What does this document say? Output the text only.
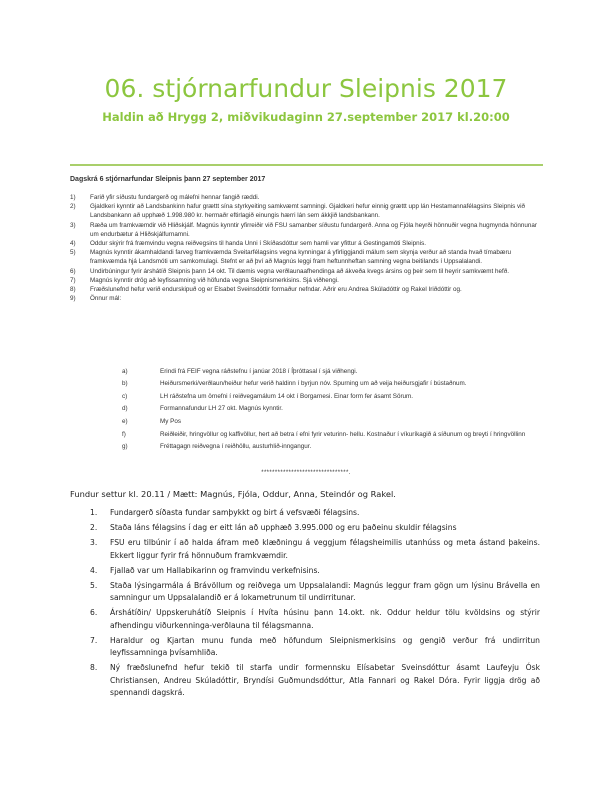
06. stjórnarfundur Sleipnis 2017
Haldin að Hrygg 2, miðvikudaginn 27.september 2017 kl.20:00
Dagskrá 6 stjórnarfundar Sleipnis þann 27 september 2017
1)	Farið yfir síðustu fundargerð og málefni hennar fangið ræddi.
2)	Gjaldkeri kynntir að Landsbankinn hafur grættt sína styrkyeiting samkvæmt samningi. Gjaldkeri hefur einnig grættt upp lán Hestamannafélagsins Sleipnis við Landsbankann að upphæð 1.998.980 kr. hermaðr eftirlagið einungis hærri lán sem ákkjið landsbankann.
3)	Ræða um framkvæmdir við Hliðskjálf. Magnús kynntir yfirreiðir við FSU samanber síðustu fundargerð. Anna og Fjóla heyrði hönnuðir vegna hugmynda hönnunar um endurbætur á Hliðskjálfurnamni.
4)	Oddur skýrir frá fræmvindu vegna reiðvegsins til handa Unni í Skíðasdóttur sem hamli var yfittur á Gestingamóti Sleipnis.
5)	Magnús kynntir ákamhaldandi farveg framkvæmda Sveitarfélagsins vegna kynningar á yfirliggjandi málum sem skynja verður að standa hvað tímabæru framkvæmda hjá Landsmóti um samkomulagi. Stefnt er að því að Magnús leggi fram heftunnheftan samning vegna beitilands í Uppsalalandi.
6)	Undirbúningur fyrir árshátíð Sleipnis þann 14 okt. Til dæmis vegna verðlaunaafhendinga að ákveða kvegs ársins og þeir sem til heyrir samkvæmt hefð.
7)	Magnús kynntir drög að leyfissamning við höfunda vegna Sleipnismerkisins. Sjá viðhengi.
8)	Fræðslunefnd hefur verið endurskipuð og er Elsabet Sveinsdóttir formaður nefndar. Aðrir eru Andrea Skúladóttir og Rakel Iriðdóttir og.
9)	Önnur mál:
a)	Erindi frá FEIF vegna ráðstefnu í janúar 2018 í Íþróttasal í sjá viðhengi.
b)	Heiðursmerki/verðlaun/heiður hefur verið haldinn í byrjun nóv. Spurning um að veija heiðursgjafir í bústaðnum.
c)	LH ráðstefna um örnefni í reiðvegamálum 14 okt í Borgarnesi. Einar form fer ásamt Sörum.
d)	Formannafundur LH 27 okt. Magnús kynntir.
e)	My Pos
f)	Reiðleiðir, hringvöllur og kaffivöllur, hert að betra í efni fyrir veturinn- hellu. Kostnaður í víkuríkagið á síðunum og breyti í hringvöllinn
g)	Fréttagagn reiðvegna í reiðhöllu, austurhlið-inngangur.
********************************.
Fundur settur kl. 20.11 / Mætt: Magnús, Fjóla, Oddur, Anna, Steindór og Rakel.
1.	Fundargerð síðasta fundar samþykkt og birt á vefsvæði félagsins.
2.	Staða láns félagsins í dag er eitt lán að upphæð 3.995.000 og eru þaðeinu skuldir félagsins
3.	FSU eru tilbúnir í að halda áfram með klæðningu á veggjum félagsheimilis utanhúss og meta ástand þakeins. Ekkert liggur fyrir frá hönnuðum framkvæmdir.
4.	Fjallað var um Hallabikarinn og framvindu verkefnisins.
5.	Staða lýsingarmála á Brávöllum og reiðvega um Uppsalalandi: Magnús leggur fram gögn um lýsinu Brávella en samningur um Uppsalalandið er á lokametrunum til undirritunar.
6.	Árshátíðin/ Uppskeruhátíð Sleipnis í Hvíta húsinu þann 14.okt. nk. Oddur heldur tölu kvöldsins og stýrir afhendingu viðurkenninga-verðlauna til félagsmanna.
7.	Haraldur og Kjartan munu funda með höfundum Sleipnismerkisins og gengið verður frá undirritun leyfissamninga þvísamhliða.
8.	Ný fræðslunefnd hefur tekið til starfa undir formennsku Elísabetar Sveinsdóttur ásamt Laufeyju Ósk Christiansen, Andreu Skúladóttir, Bryndísi Guðmundsdóttur, Atla Fannari og Rakel Dóra. Fyrir liggja drög að spennandi dagskrá.
